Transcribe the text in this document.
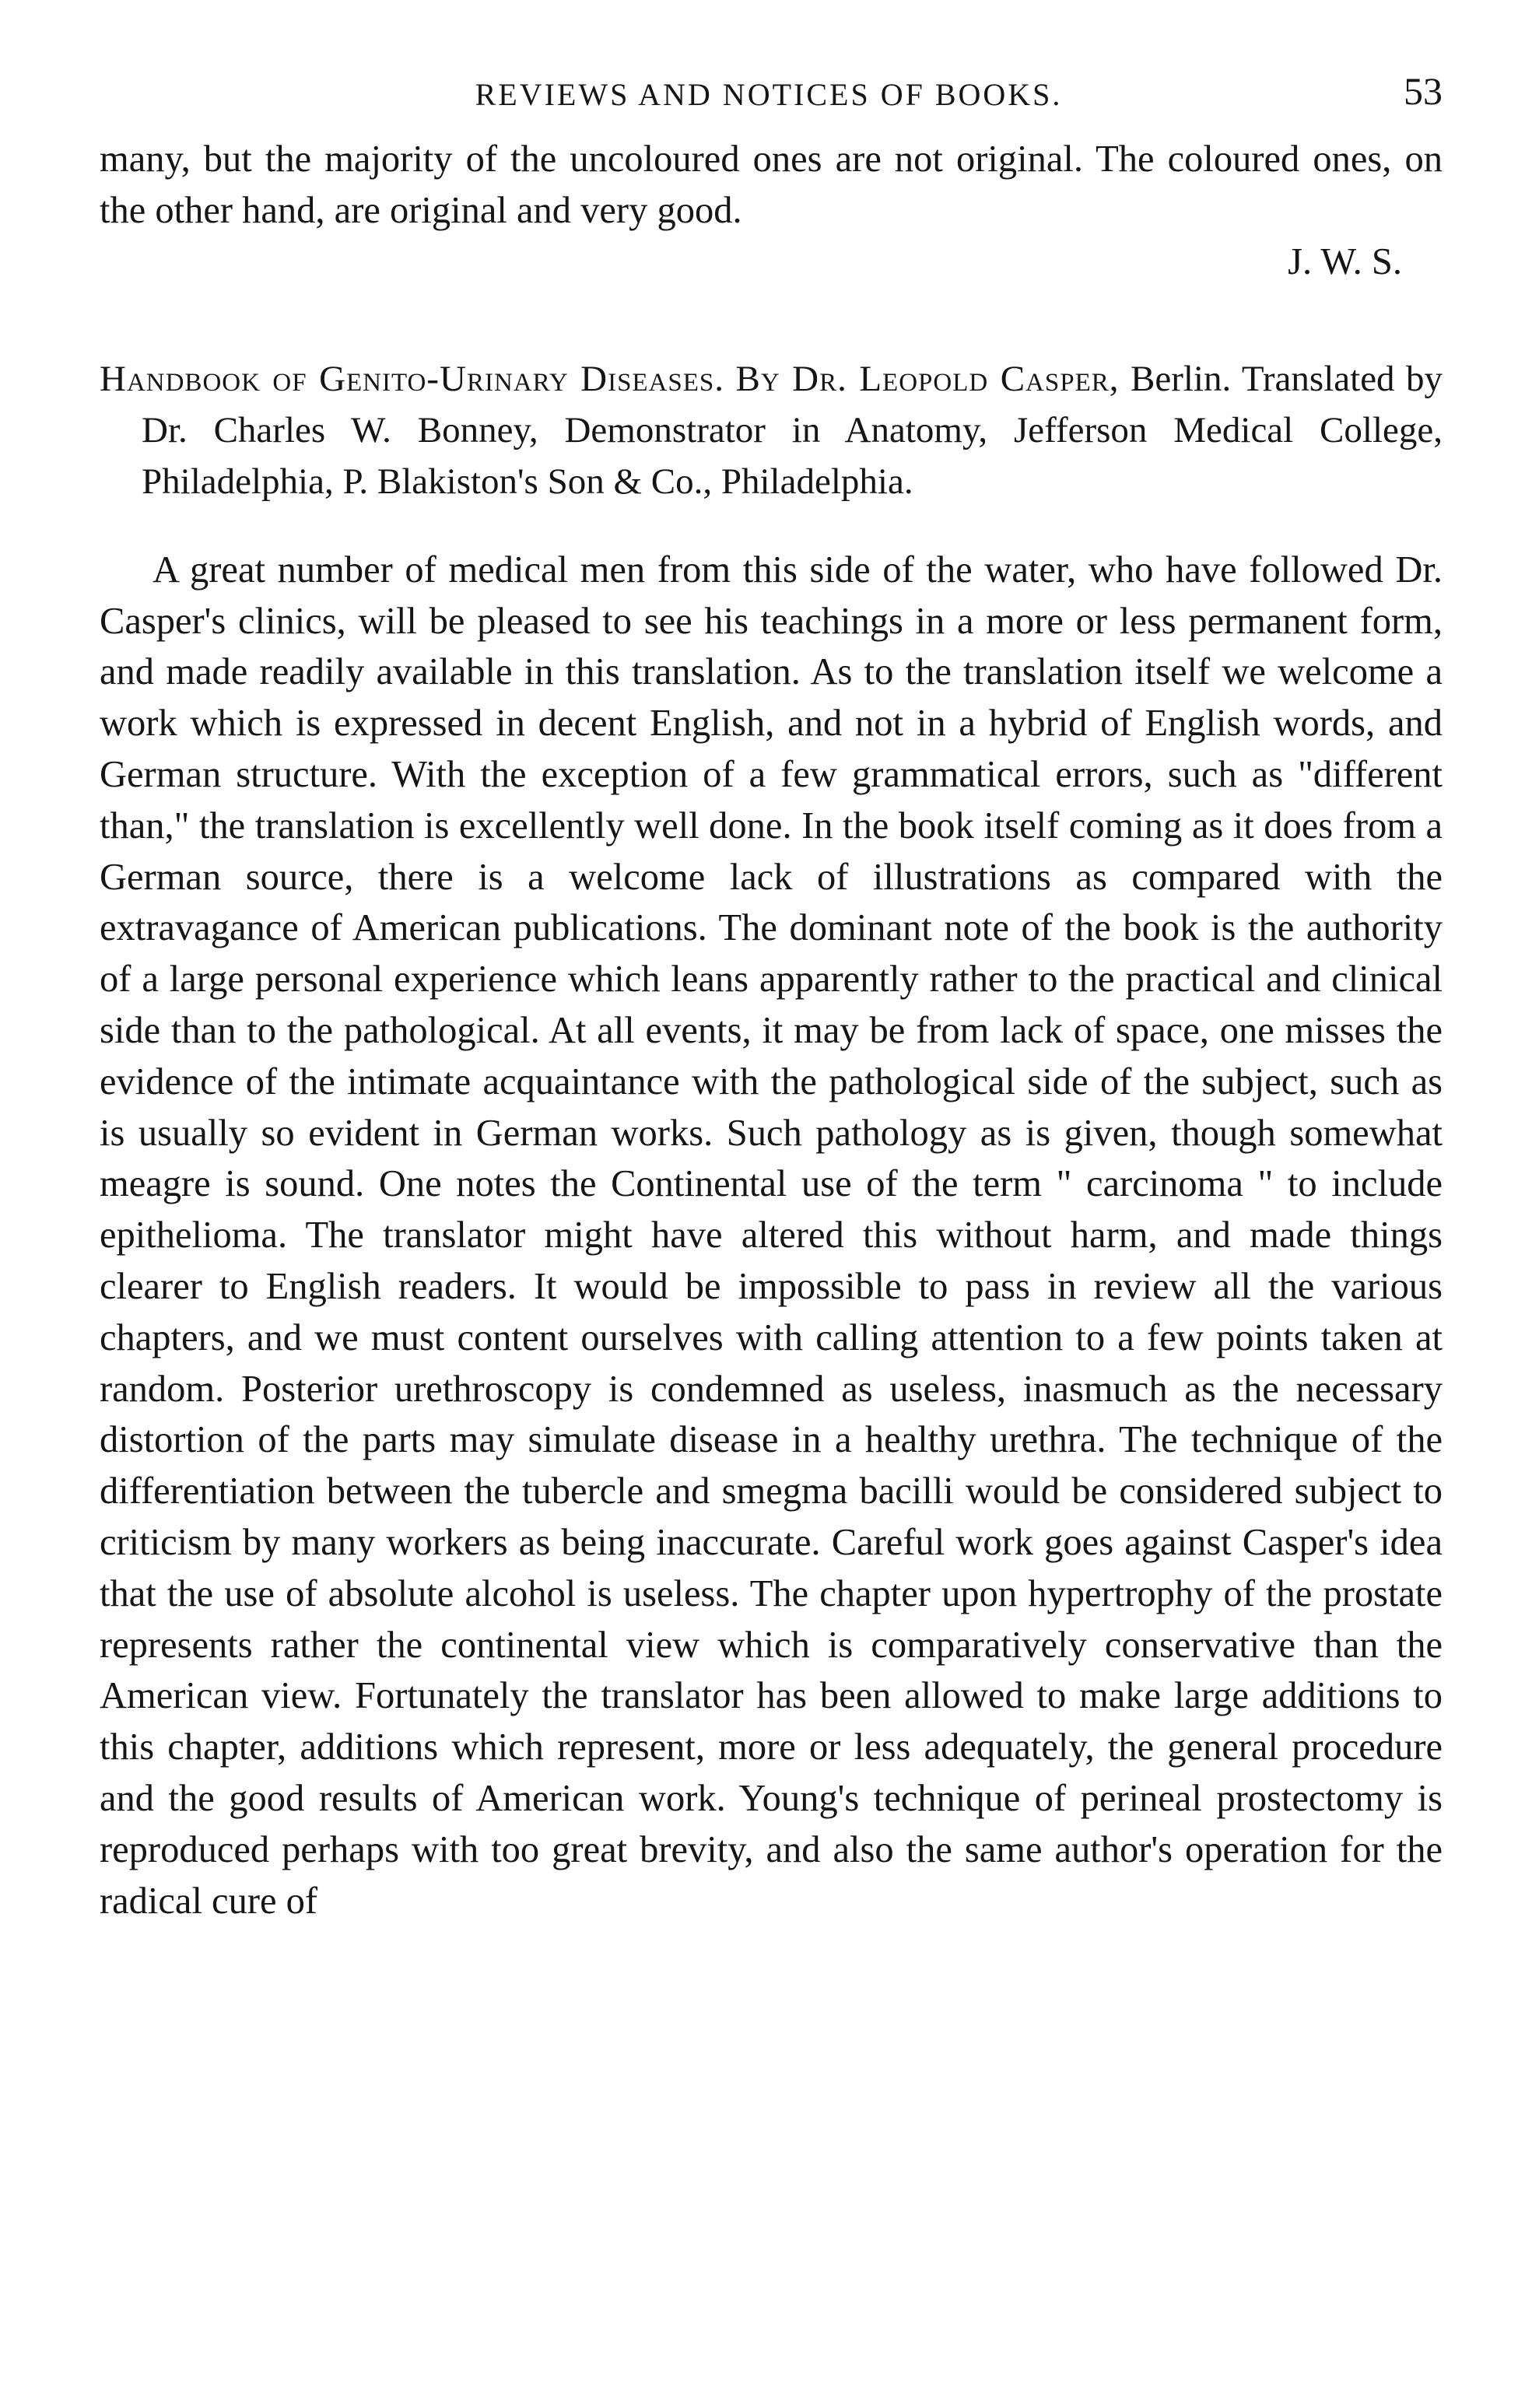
REVIEWS AND NOTICES OF BOOKS.	53

many, but the majority of the uncoloured ones are not original. The coloured ones, on the other hand, are original and very good.

J. W. S.

Handbook of Genito-Urinary Diseases. By Dr. Leopold Casper, Berlin. Translated by Dr. Charles W. Bonney, Demonstrator in Anatomy, Jefferson Medical College, Philadelphia, P. Blakiston's Son & Co., Philadelphia.

A great number of medical men from this side of the water, who have followed Dr. Casper's clinics, will be pleased to see his teachings in a more or less permanent form, and made readily available in this translation. As to the translation itself we welcome a work which is expressed in decent English, and not in a hybrid of English words, and German structure. With the exception of a few grammatical errors, such as "different than," the translation is excellently well done. In the book itself coming as it does from a German source, there is a welcome lack of illustrations as compared with the extravagance of American publications. The dominant note of the book is the authority of a large personal experience which leans apparently rather to the practical and clinical side than to the pathological. At all events, it may be from lack of space, one misses the evidence of the intimate acquaintance with the pathological side of the subject, such as is usually so evident in German works. Such pathology as is given, though somewhat meagre is sound. One notes the Continental use of the term " carcinoma " to include epithelioma. The translator might have altered this without harm, and made things clearer to English readers. It would be impossible to pass in review all the various chapters, and we must content ourselves with calling attention to a few points taken at random. Posterior urethroscopy is condemned as useless, inasmuch as the necessary distortion of the parts may simulate disease in a healthy urethra. The technique of the differentiation between the tubercle and smegma bacilli would be considered subject to criticism by many workers as being inaccurate. Careful work goes against Casper's idea that the use of absolute alcohol is useless. The chapter upon hypertrophy of the prostate represents rather the continental view which is comparatively conservative than the American view. Fortunately the translator has been allowed to make large additions to this chapter, additions which represent, more or less adequately, the general procedure and the good results of American work. Young's technique of perineal prostectomy is reproduced perhaps with too great brevity, and also the same author's operation for the radical cure of
